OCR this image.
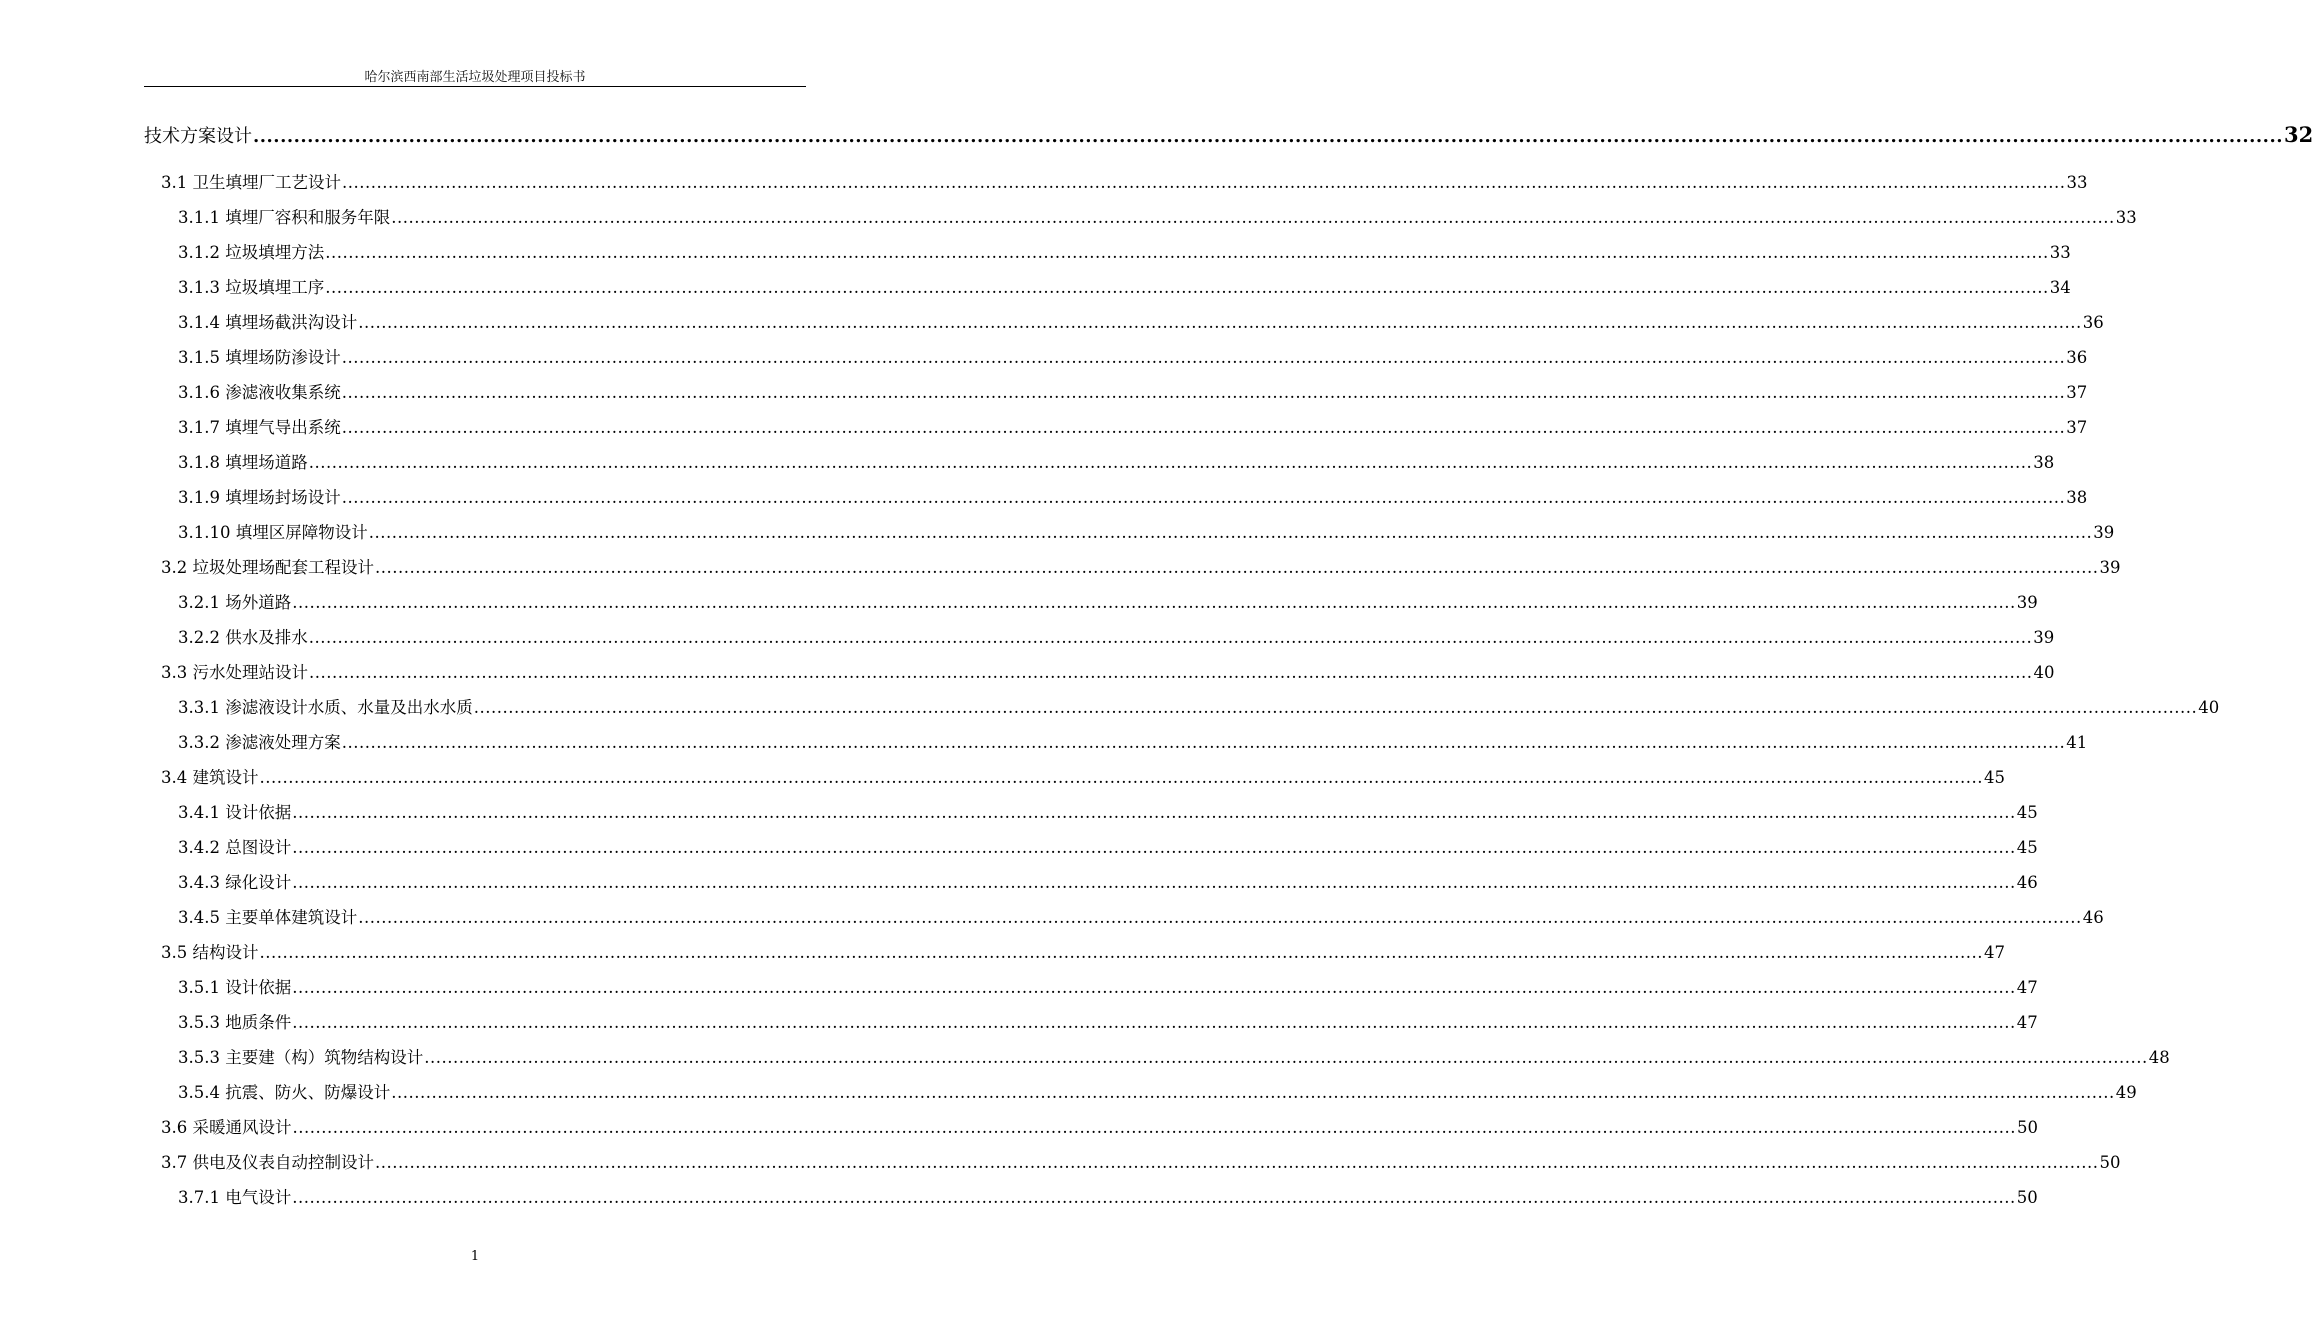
哈尔滨西南部生活垃圾处理项目投标书
技术方案设计 ............................................................................................................................................................................................................................................................................................................ 32
3.1 卫生填埋厂工艺设计 ............................................................................................................................................................................................................................................................................................................ 33
3.1.1 填埋厂容积和服务年限 ............................................................................................................................................................................................................................................................................................................ 33
3.1.2 垃圾填埋方法 ............................................................................................................................................................................................................................................................................................................ 33
3.1.3 垃圾填埋工序 ............................................................................................................................................................................................................................................................................................................ 34
3.1.4 填埋场截洪沟设计 ............................................................................................................................................................................................................................................................................................................ 36
3.1.5 填埋场防渗设计 ............................................................................................................................................................................................................................................................................................................ 36
3.1.6 渗滤液收集系统 ............................................................................................................................................................................................................................................................................................................ 37
3.1.7 填埋气导出系统 ............................................................................................................................................................................................................................................................................................................ 37
3.1.8 填埋场道路 ............................................................................................................................................................................................................................................................................................................ 38
3.1.9 填埋场封场设计 ............................................................................................................................................................................................................................................................................................................ 38
3.1.10 填埋区屏障物设计 ............................................................................................................................................................................................................................................................................................................ 39
3.2 垃圾处理场配套工程设计 ............................................................................................................................................................................................................................................................................................................ 39
3.2.1 场外道路 ............................................................................................................................................................................................................................................................................................................ 39
3.2.2 供水及排水 ............................................................................................................................................................................................................................................................................................................ 39
3.3 污水处理站设计 ............................................................................................................................................................................................................................................................................................................ 40
3.3.1 渗滤液设计水质、水量及出水水质 ............................................................................................................................................................................................................................................................................................................ 40
3.3.2 渗滤液处理方案 ............................................................................................................................................................................................................................................................................................................ 41
3.4 建筑设计 ............................................................................................................................................................................................................................................................................................................ 45
3.4.1 设计依据 ............................................................................................................................................................................................................................................................................................................ 45
3.4.2 总图设计 ............................................................................................................................................................................................................................................................................................................ 45
3.4.3 绿化设计 ............................................................................................................................................................................................................................................................................................................ 46
3.4.5 主要单体建筑设计 ............................................................................................................................................................................................................................................................................................................ 46
3.5 结构设计 ............................................................................................................................................................................................................................................................................................................ 47
3.5.1 设计依据 ............................................................................................................................................................................................................................................................................................................ 47
3.5.3 地质条件 ............................................................................................................................................................................................................................................................................................................ 47
3.5.3 主要建（构）筑物结构设计 ............................................................................................................................................................................................................................................................................................................ 48
3.5.4 抗震、防火、防爆设计 ............................................................................................................................................................................................................................................................................................................ 49
3.6 采暖通风设计 ............................................................................................................................................................................................................................................................................................................ 50
3.7 供电及仪表自动控制设计 ............................................................................................................................................................................................................................................................................................................ 50
3.7.1 电气设计 ............................................................................................................................................................................................................................................................................................................ 50
1
